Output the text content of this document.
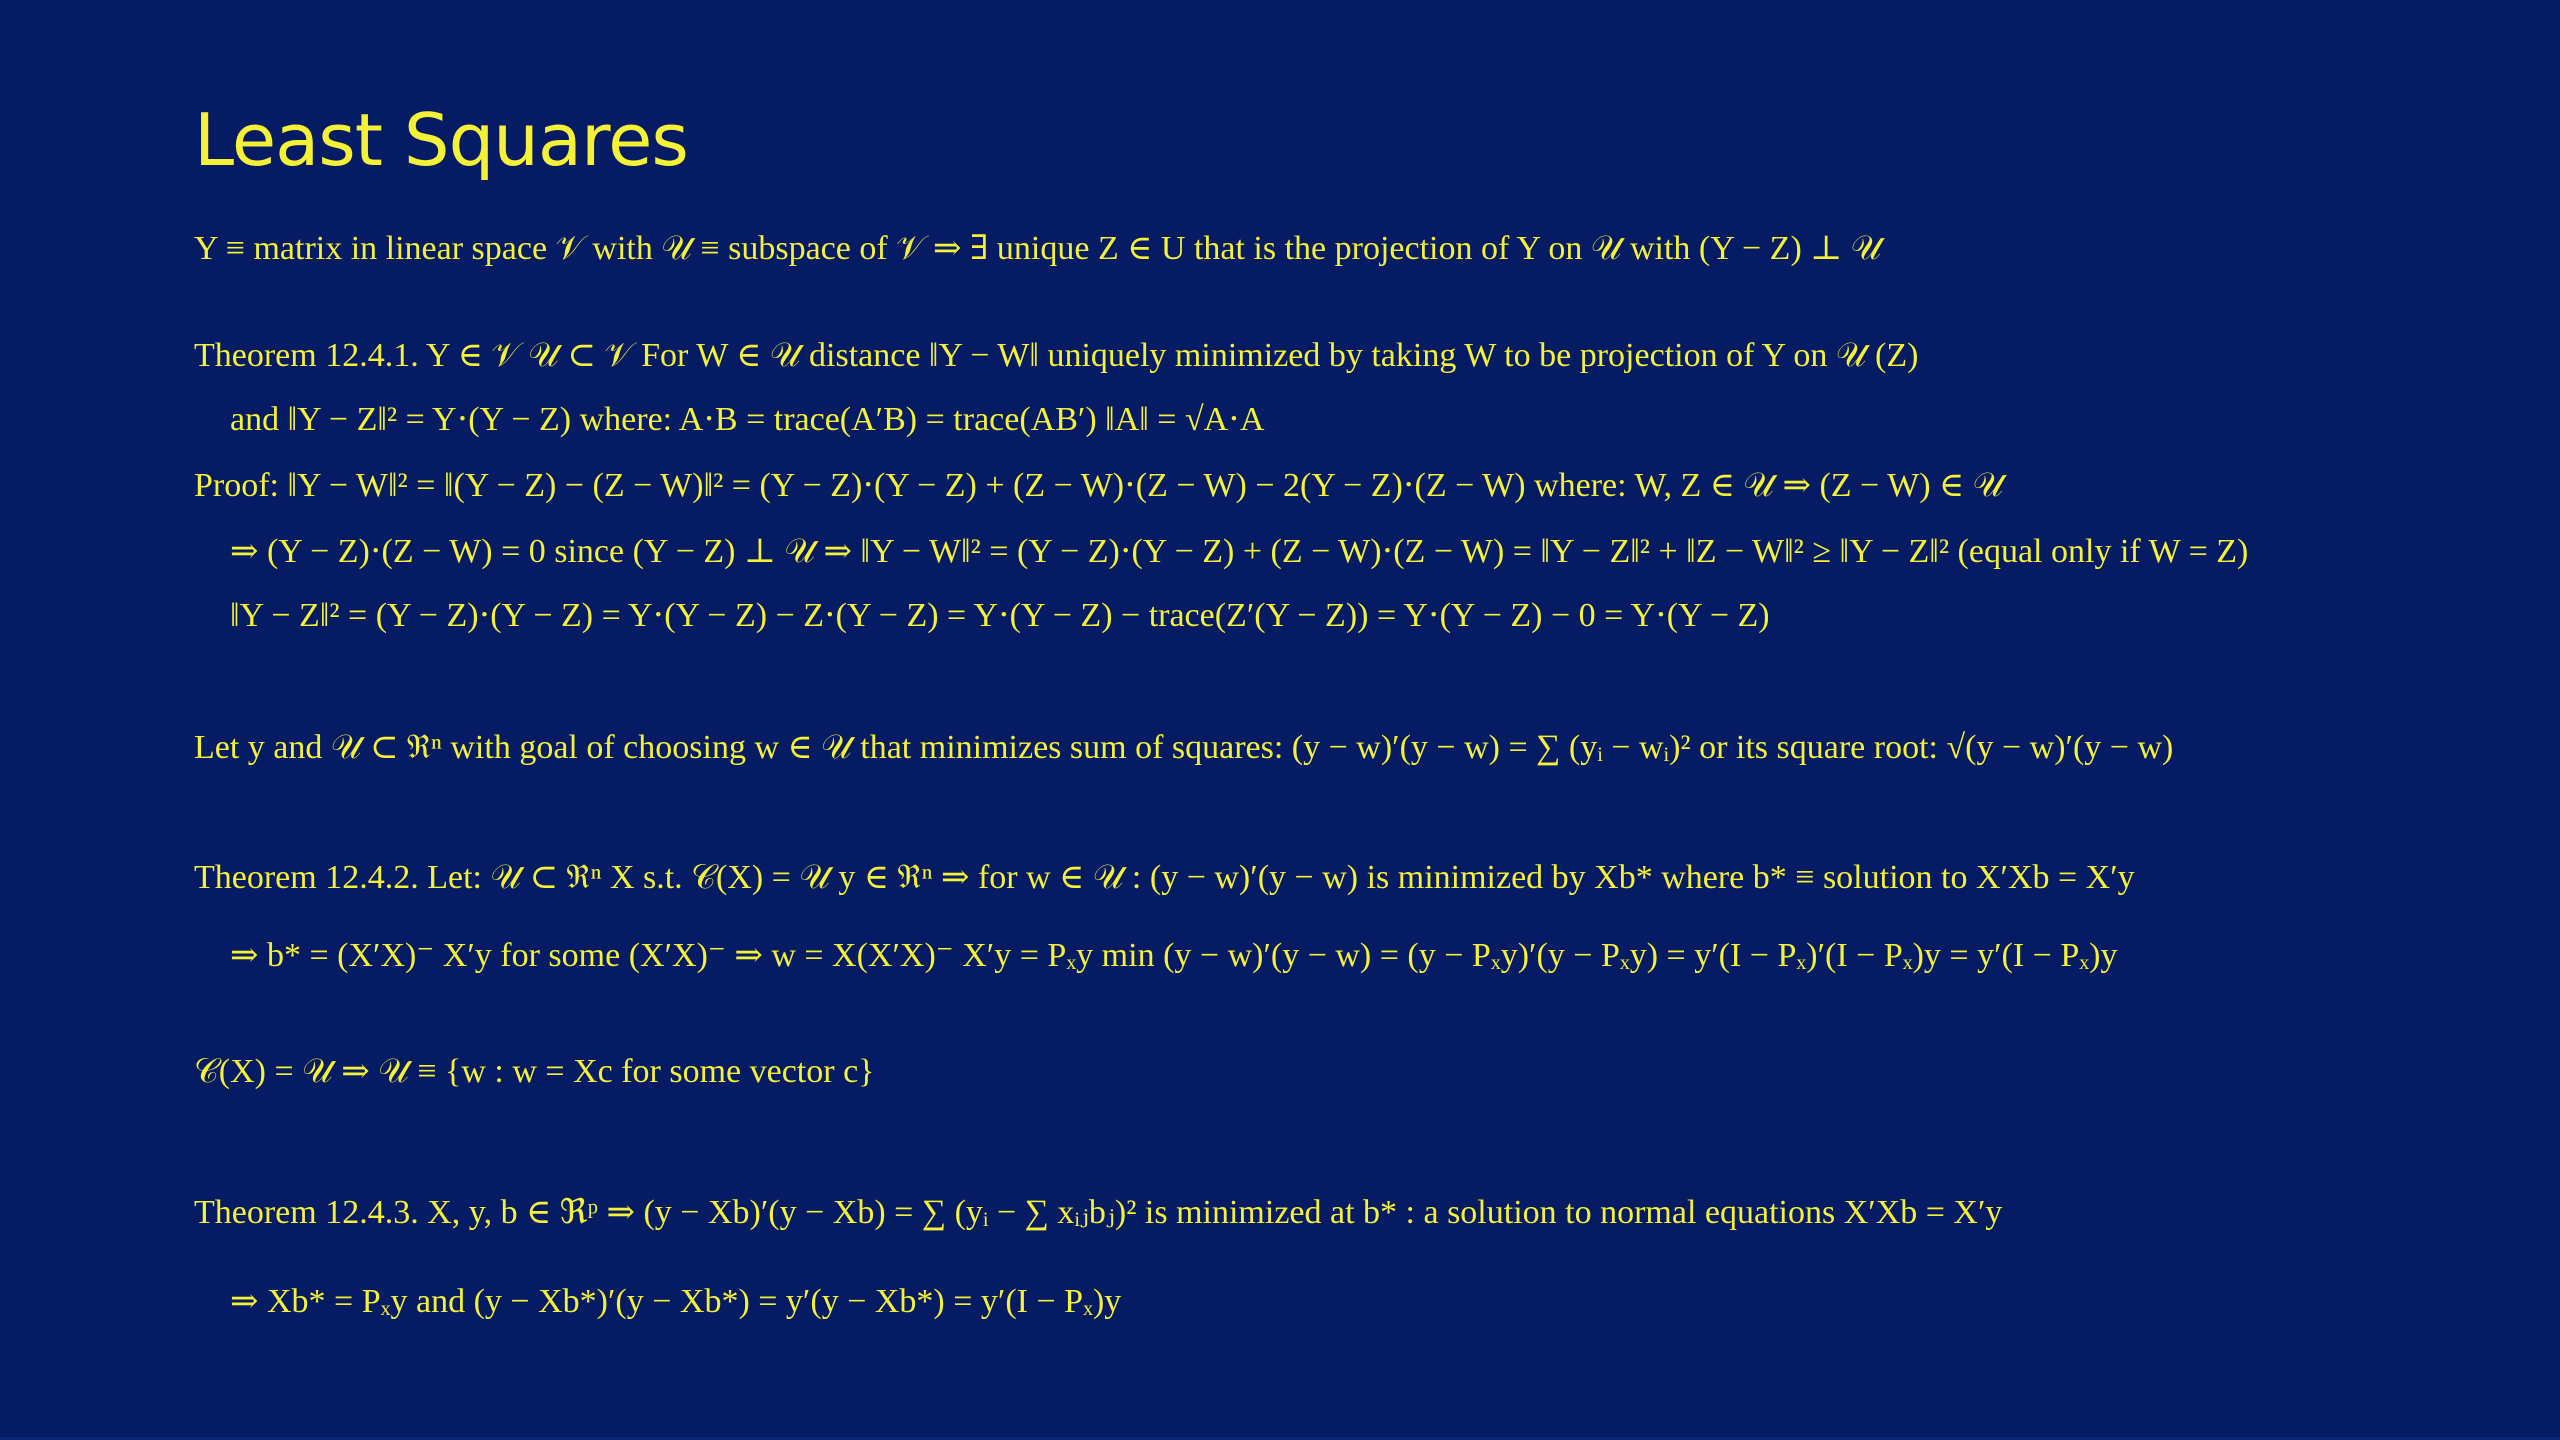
Least Squares
Y ≡ matrix in linear space 𝒱 with 𝒰 ≡ subspace of 𝒱 ⇒ ∃ unique Z ∈ U that is the projection of Y on 𝒰 with (Y − Z) ⊥ 𝒰
Theorem 12.4.1. Y ∈ 𝒱 𝒰 ⊂ 𝒱 For W ∈ 𝒰 distance ‖Y − W‖ uniquely minimized by taking W to be projection of Y on 𝒰 (Z)
and ‖Y − Z‖² = Y⋅(Y − Z) where: A⋅B = trace(A′B) = trace(AB′) ‖A‖ = √A⋅A
Proof: ‖Y − W‖² = ‖(Y − Z) − (Z − W)‖² = (Y − Z)⋅(Y − Z) + (Z − W)⋅(Z − W) − 2(Y − Z)⋅(Z − W) where: W, Z ∈ 𝒰 ⇒ (Z − W) ∈ 𝒰
⇒ (Y − Z)⋅(Z − W) = 0 since (Y − Z) ⊥ 𝒰 ⇒ ‖Y − W‖² = (Y − Z)⋅(Y − Z) + (Z − W)⋅(Z − W) = ‖Y − Z‖² + ‖Z − W‖² ≥ ‖Y − Z‖² (equal only if W = Z)
‖Y − Z‖² = (Y − Z)⋅(Y − Z) = Y⋅(Y − Z) − Z⋅(Y − Z) = Y⋅(Y − Z) − trace(Z′(Y − Z)) = Y⋅(Y − Z) − 0 = Y⋅(Y − Z)
Let y and 𝒰 ⊂ ℜⁿ with goal of choosing w ∈ 𝒰 that minimizes sum of squares: (y − w)′(y − w) = ∑ (yᵢ − wᵢ)² or its square root: √(y − w)′(y − w)
Theorem 12.4.2. Let: 𝒰 ⊂ ℜⁿ X s.t. 𝒞(X) = 𝒰 y ∈ ℜⁿ ⇒ for w ∈ 𝒰 : (y − w)′(y − w) is minimized by Xb* where b* ≡ solution to X′Xb = X′y
⇒ b* = (X′X)⁻ X′y for some (X′X)⁻ ⇒ w = X(X′X)⁻ X′y = Pₓy min (y − w)′(y − w) = (y − Pₓy)′(y − Pₓy) = y′(I − Pₓ)′(I − Pₓ)y = y′(I − Pₓ)y
𝒞(X) = 𝒰 ⇒ 𝒰 ≡ {w : w = Xc for some vector c}
Theorem 12.4.3. X, y, b ∈ ℜᵖ ⇒ (y − Xb)′(y − Xb) = ∑ (yᵢ − ∑ xᵢⱼbⱼ)² is minimized at b* : a solution to normal equations X′Xb = X′y
⇒ Xb* = Pₓy and (y − Xb*)′(y − Xb*) = y′(y − Xb*) = y′(I − Pₓ)y
